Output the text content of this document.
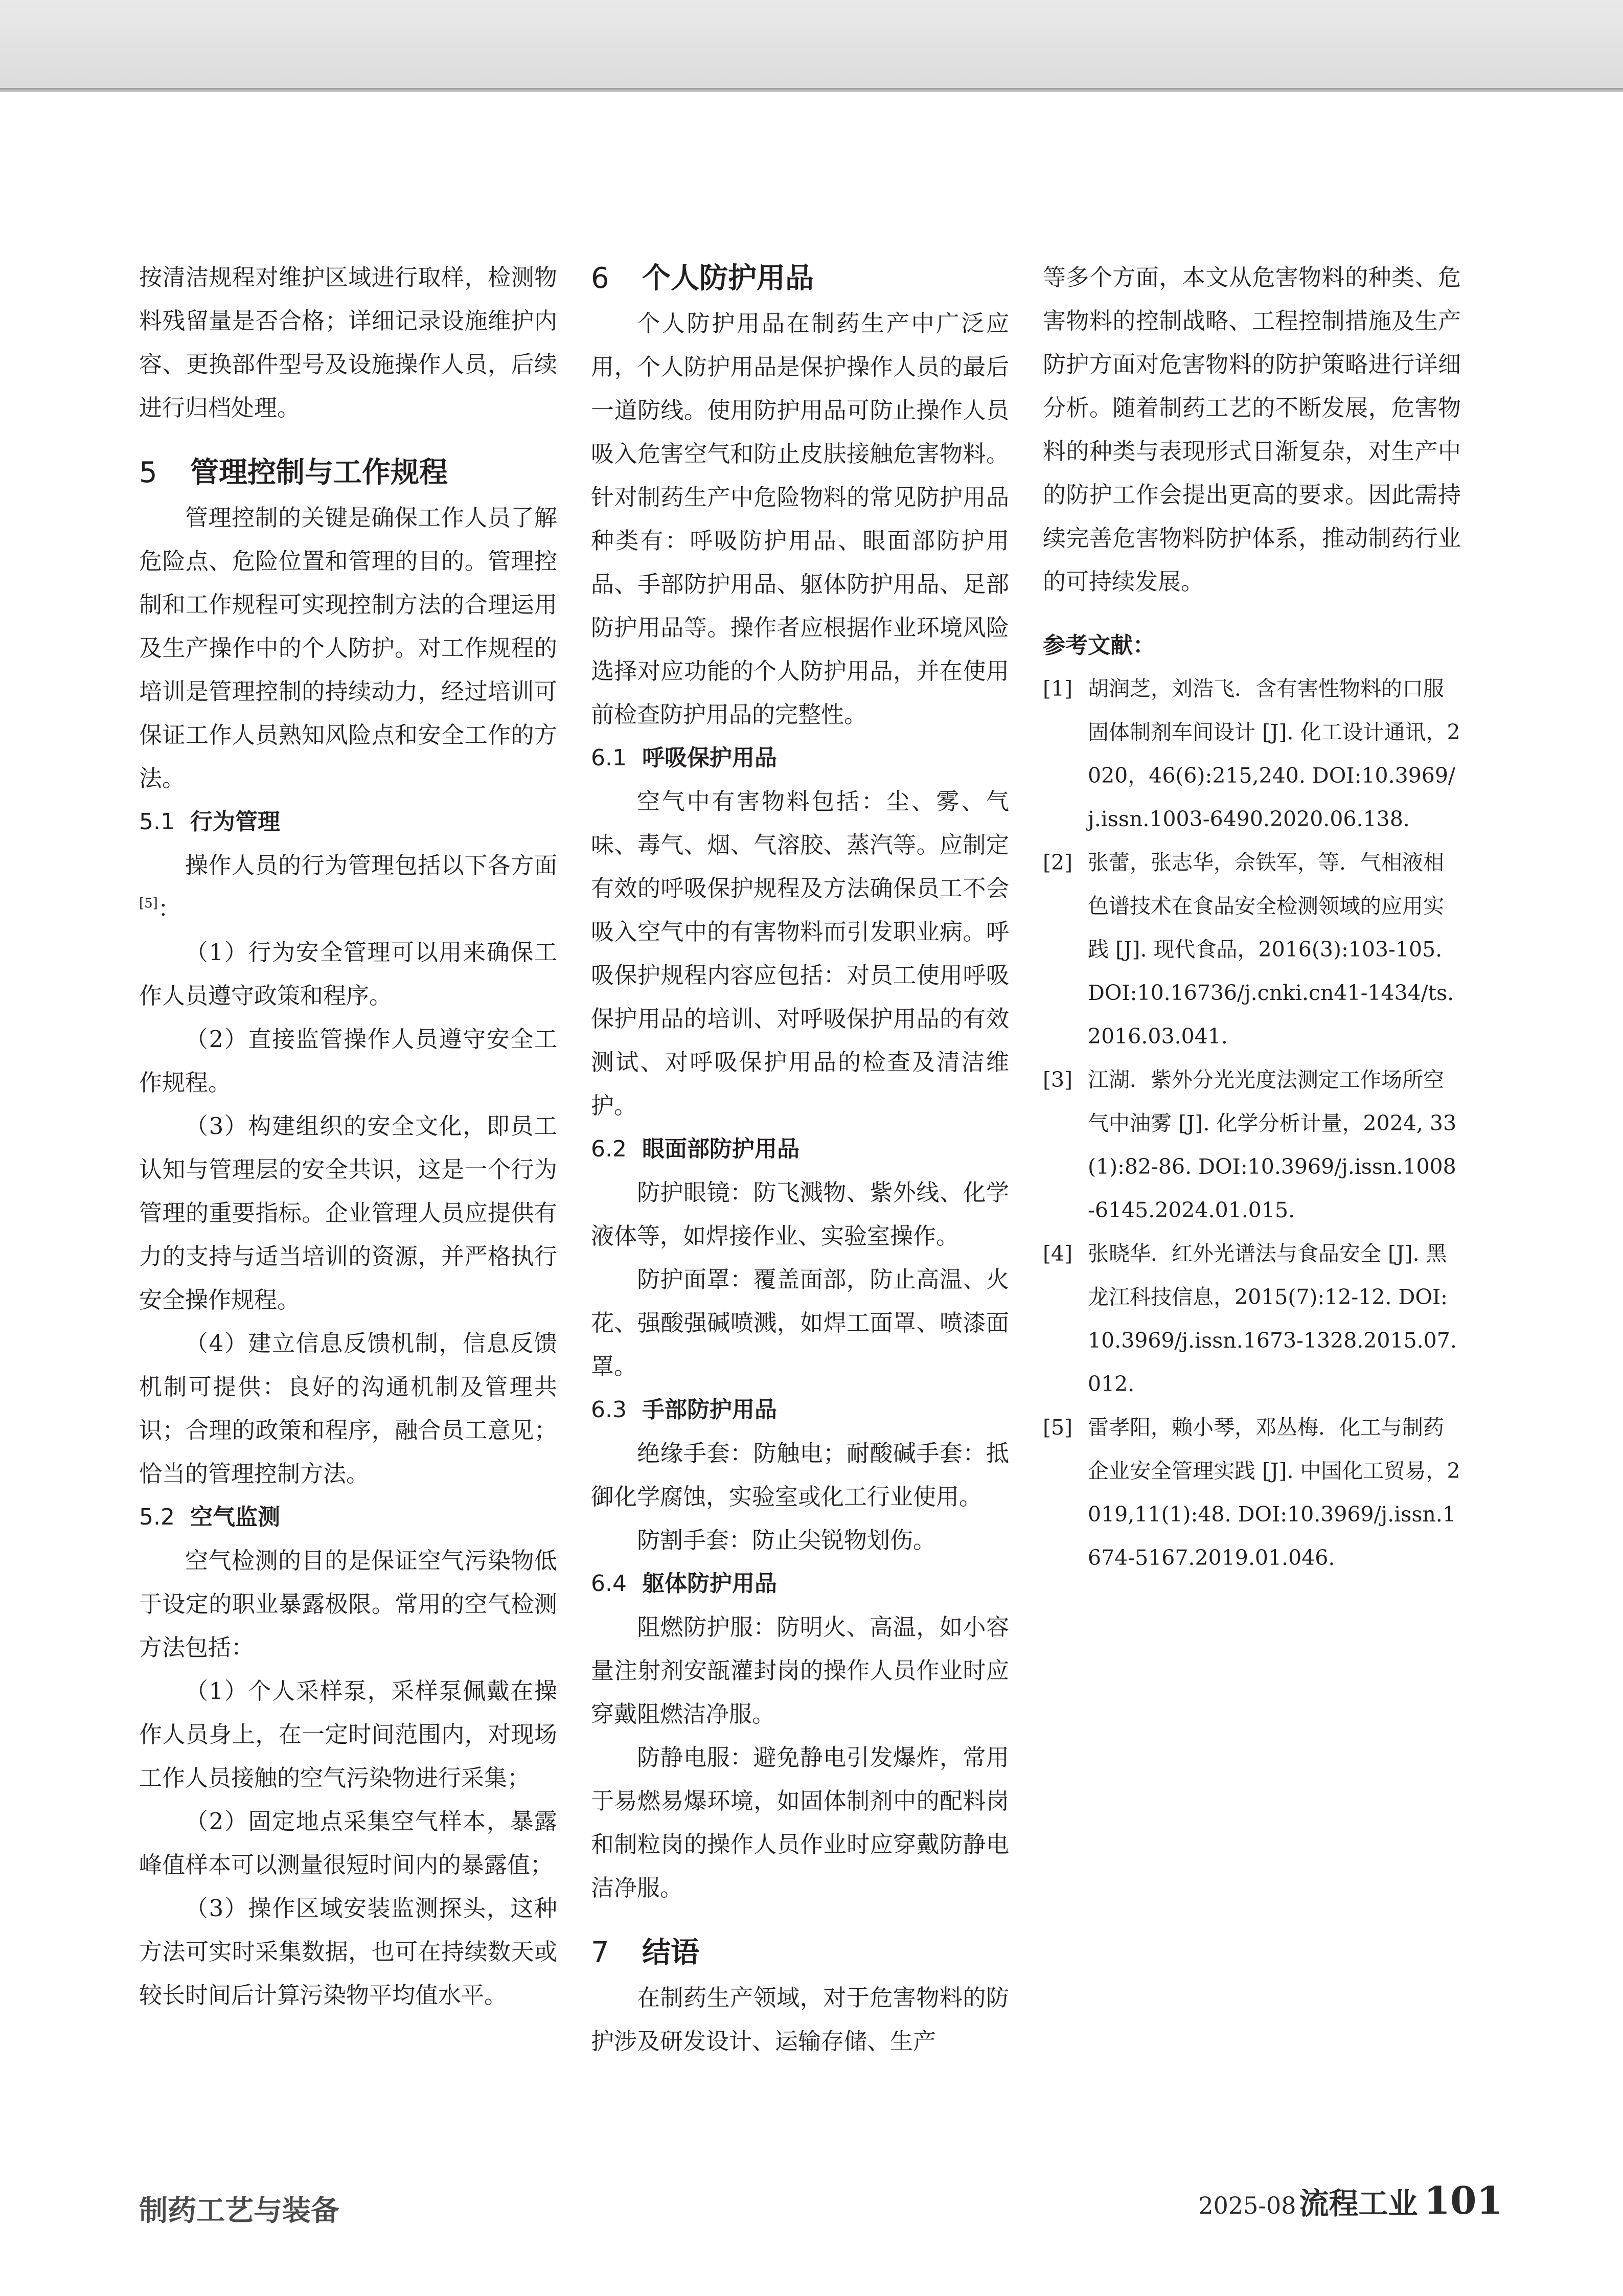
按清洁规程对维护区域进行取样，检测物料残留量是否合格；详细记录设施维护内容、更换部件型号及设施操作人员，后续进行归档处理。

5 管理控制与工作规程

管理控制的关键是确保工作人员了解危险点、危险位置和管理的目的。管理控制和工作规程可实现控制方法的合理运用及生产操作中的个人防护。对工作规程的培训是管理控制的持续动力，经过培训可保证工作人员熟知风险点和安全工作的方法。

5.1 行为管理

操作人员的行为管理包括以下各方面 [5]：

（1）行为安全管理可以用来确保工作人员遵守政策和程序。

（2）直接监管操作人员遵守安全工作规程。

（3）构建组织的安全文化，即员工认知与管理层的安全共识，这是一个行为管理的重要指标。企业管理人员应提供有力的支持与适当培训的资源，并严格执行安全操作规程。

（4）建立信息反馈机制，信息反馈机制可提供：良好的沟通机制及管理共识；合理的政策和程序，融合员工意见；恰当的管理控制方法。

5.2 空气监测

空气检测的目的是保证空气污染物低于设定的职业暴露极限。常用的空气检测方法包括：

（1）个人采样泵，采样泵佩戴在操作人员身上，在一定时间范围内，对现场工作人员接触的空气污染物进行采集；

（2）固定地点采集空气样本，暴露峰值样本可以测量很短时间内的暴露值；

（3）操作区域安装监测探头，这种方法可实时采集数据，也可在持续数天或较长时间后计算污染物平均值水平。

6 个人防护用品

个人防护用品在制药生产中广泛应用，个人防护用品是保护操作人员的最后一道防线。使用防护用品可防止操作人员吸入危害空气和防止皮肤接触危害物料。针对制药生产中危险物料的常见防护用品种类有：呼吸防护用品、眼面部防护用品、手部防护用品、躯体防护用品、足部防护用品等。操作者应根据作业环境风险选择对应功能的个人防护用品，并在使用前检查防护用品的完整性。

6.1 呼吸保护用品

空气中有害物料包括：尘、雾、气味、毒气、烟、气溶胶、蒸汽等。应制定有效的呼吸保护规程及方法确保员工不会吸入空气中的有害物料而引发职业病。呼吸保护规程内容应包括：对员工使用呼吸保护用品的培训、对呼吸保护用品的有效测试、对呼吸保护用品的检查及清洁维护。

6.2 眼面部防护用品

防护眼镜：防飞溅物、紫外线、化学液体等，如焊接作业、实验室操作。

防护面罩：覆盖面部，防止高温、火花、强酸强碱喷溅，如焊工面罩、喷漆面罩。

6.3 手部防护用品

绝缘手套：防触电；耐酸碱手套：抵御化学腐蚀，实验室或化工行业使用。

防割手套：防止尖锐物划伤。

6.4 躯体防护用品

阻燃防护服：防明火、高温，如小容量注射剂安瓿灌封岗的操作人员作业时应穿戴阻燃洁净服。

防静电服：避免静电引发爆炸，常用于易燃易爆环境，如固体制剂中的配料岗和制粒岗的操作人员作业时应穿戴防静电洁净服。

7 结语

在制药生产领域，对于危害物料的防护涉及研发设计、运输存储、生产

等多个方面，本文从危害物料的种类、危害物料的控制战略、工程控制措施及生产防护方面对危害物料的防护策略进行详细分析。随着制药工艺的不断发展，危害物料的种类与表现形式日渐复杂，对生产中的防护工作会提出更高的要求。因此需持续完善危害物料防护体系，推动制药行业的可持续发展。

参考文献：
[1] 胡润芝，刘浩飞．含有害性物料的口服固体制剂车间设计 [J]. 化工设计通讯，2020，46(6):215,240. DOI:10.3969/j.issn.1003-6490.2020.06.138.
[2] 张蕾，张志华，佘铁军，等．气相液相色谱技术在食品安全检测领域的应用实践 [J]. 现代食品，2016(3):103-105. DOI:10.16736/j.cnki.cn41-1434/ts.2016.03.041.
[3] 江湖．紫外分光光度法测定工作场所空气中油雾 [J]. 化学分析计量，2024, 33(1):82-86. DOI:10.3969/j.issn.1008-6145.2024.01.015.
[4] 张晓华．红外光谱法与食品安全 [J]. 黑龙江科技信息，2015(7):12-12. DOI:10.3969/j.issn.1673-1328.2015.07.012.
[5] 雷孝阳，赖小琴，邓丛梅．化工与制药企业安全管理实践 [J]. 中国化工贸易，2019,11(1):48. DOI:10.3969/j.issn.1674-5167.2019.01.046.
制药工艺与装备	2025-08 流程工业 101
